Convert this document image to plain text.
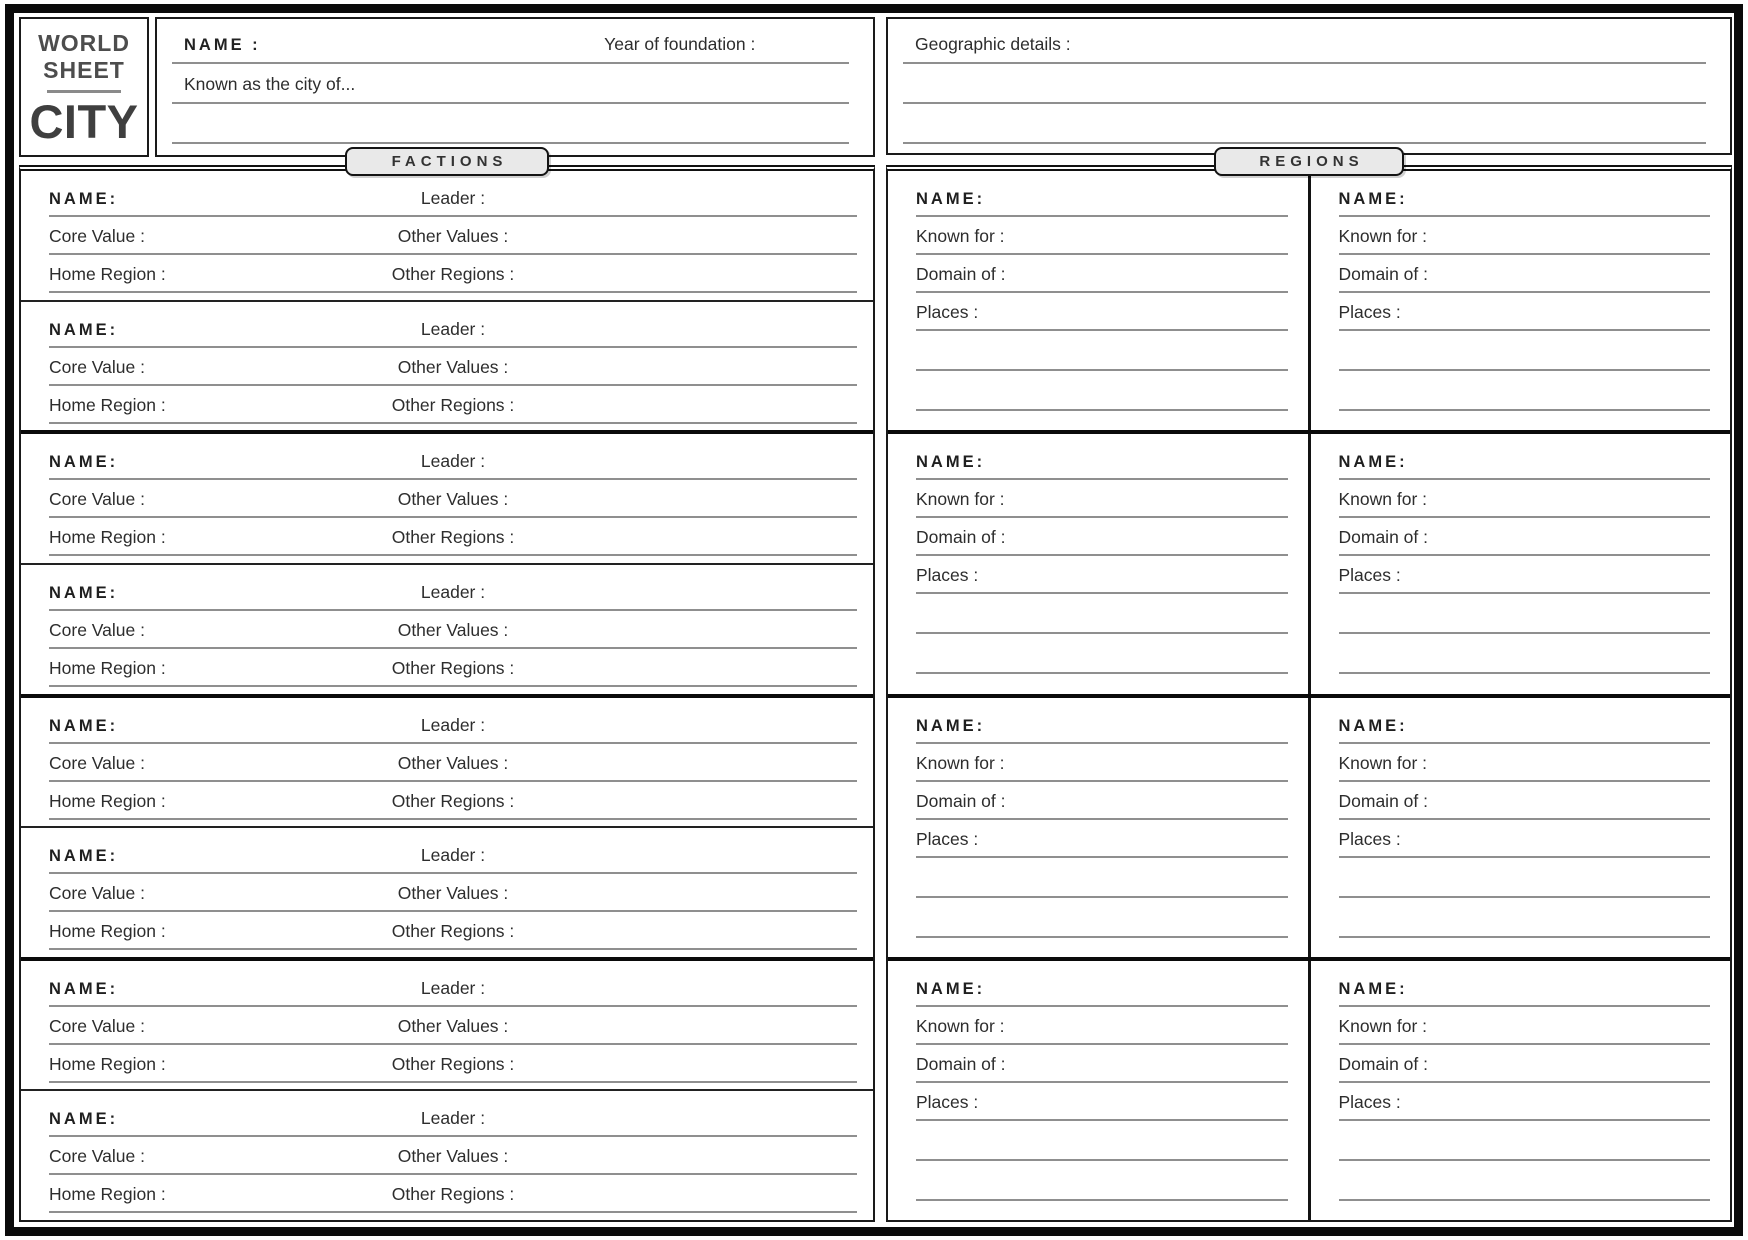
WORLD
SHEET
CITY
NAME :	Year of foundation :
Known as the city of...
Geographic details :
FACTIONS	REGIONS
NAME:	Leader :
Core Value :	Other Values :
Home Region :	Other Regions :
NAME:	Leader :
Core Value :	Other Values :
Home Region :	Other Regions :
NAME:	Leader :
Core Value :	Other Values :
Home Region :	Other Regions :
NAME:	Leader :
Core Value :	Other Values :
Home Region :	Other Regions :
NAME:	Leader :
Core Value :	Other Values :
Home Region :	Other Regions :
NAME:	Leader :
Core Value :	Other Values :
Home Region :	Other Regions :
NAME:	Leader :
Core Value :	Other Values :
Home Region :	Other Regions :
NAME:	Leader :
Core Value :	Other Values :
Home Region :	Other Regions :
NAME:
Known for :
Domain of :
Places :
NAME:
Known for :
Domain of :
Places :
NAME:
Known for :
Domain of :
Places :
NAME:
Known for :
Domain of :
Places :
NAME:
Known for :
Domain of :
Places :
NAME:
Known for :
Domain of :
Places :
NAME:
Known for :
Domain of :
Places :
NAME:
Known for :
Domain of :
Places :
